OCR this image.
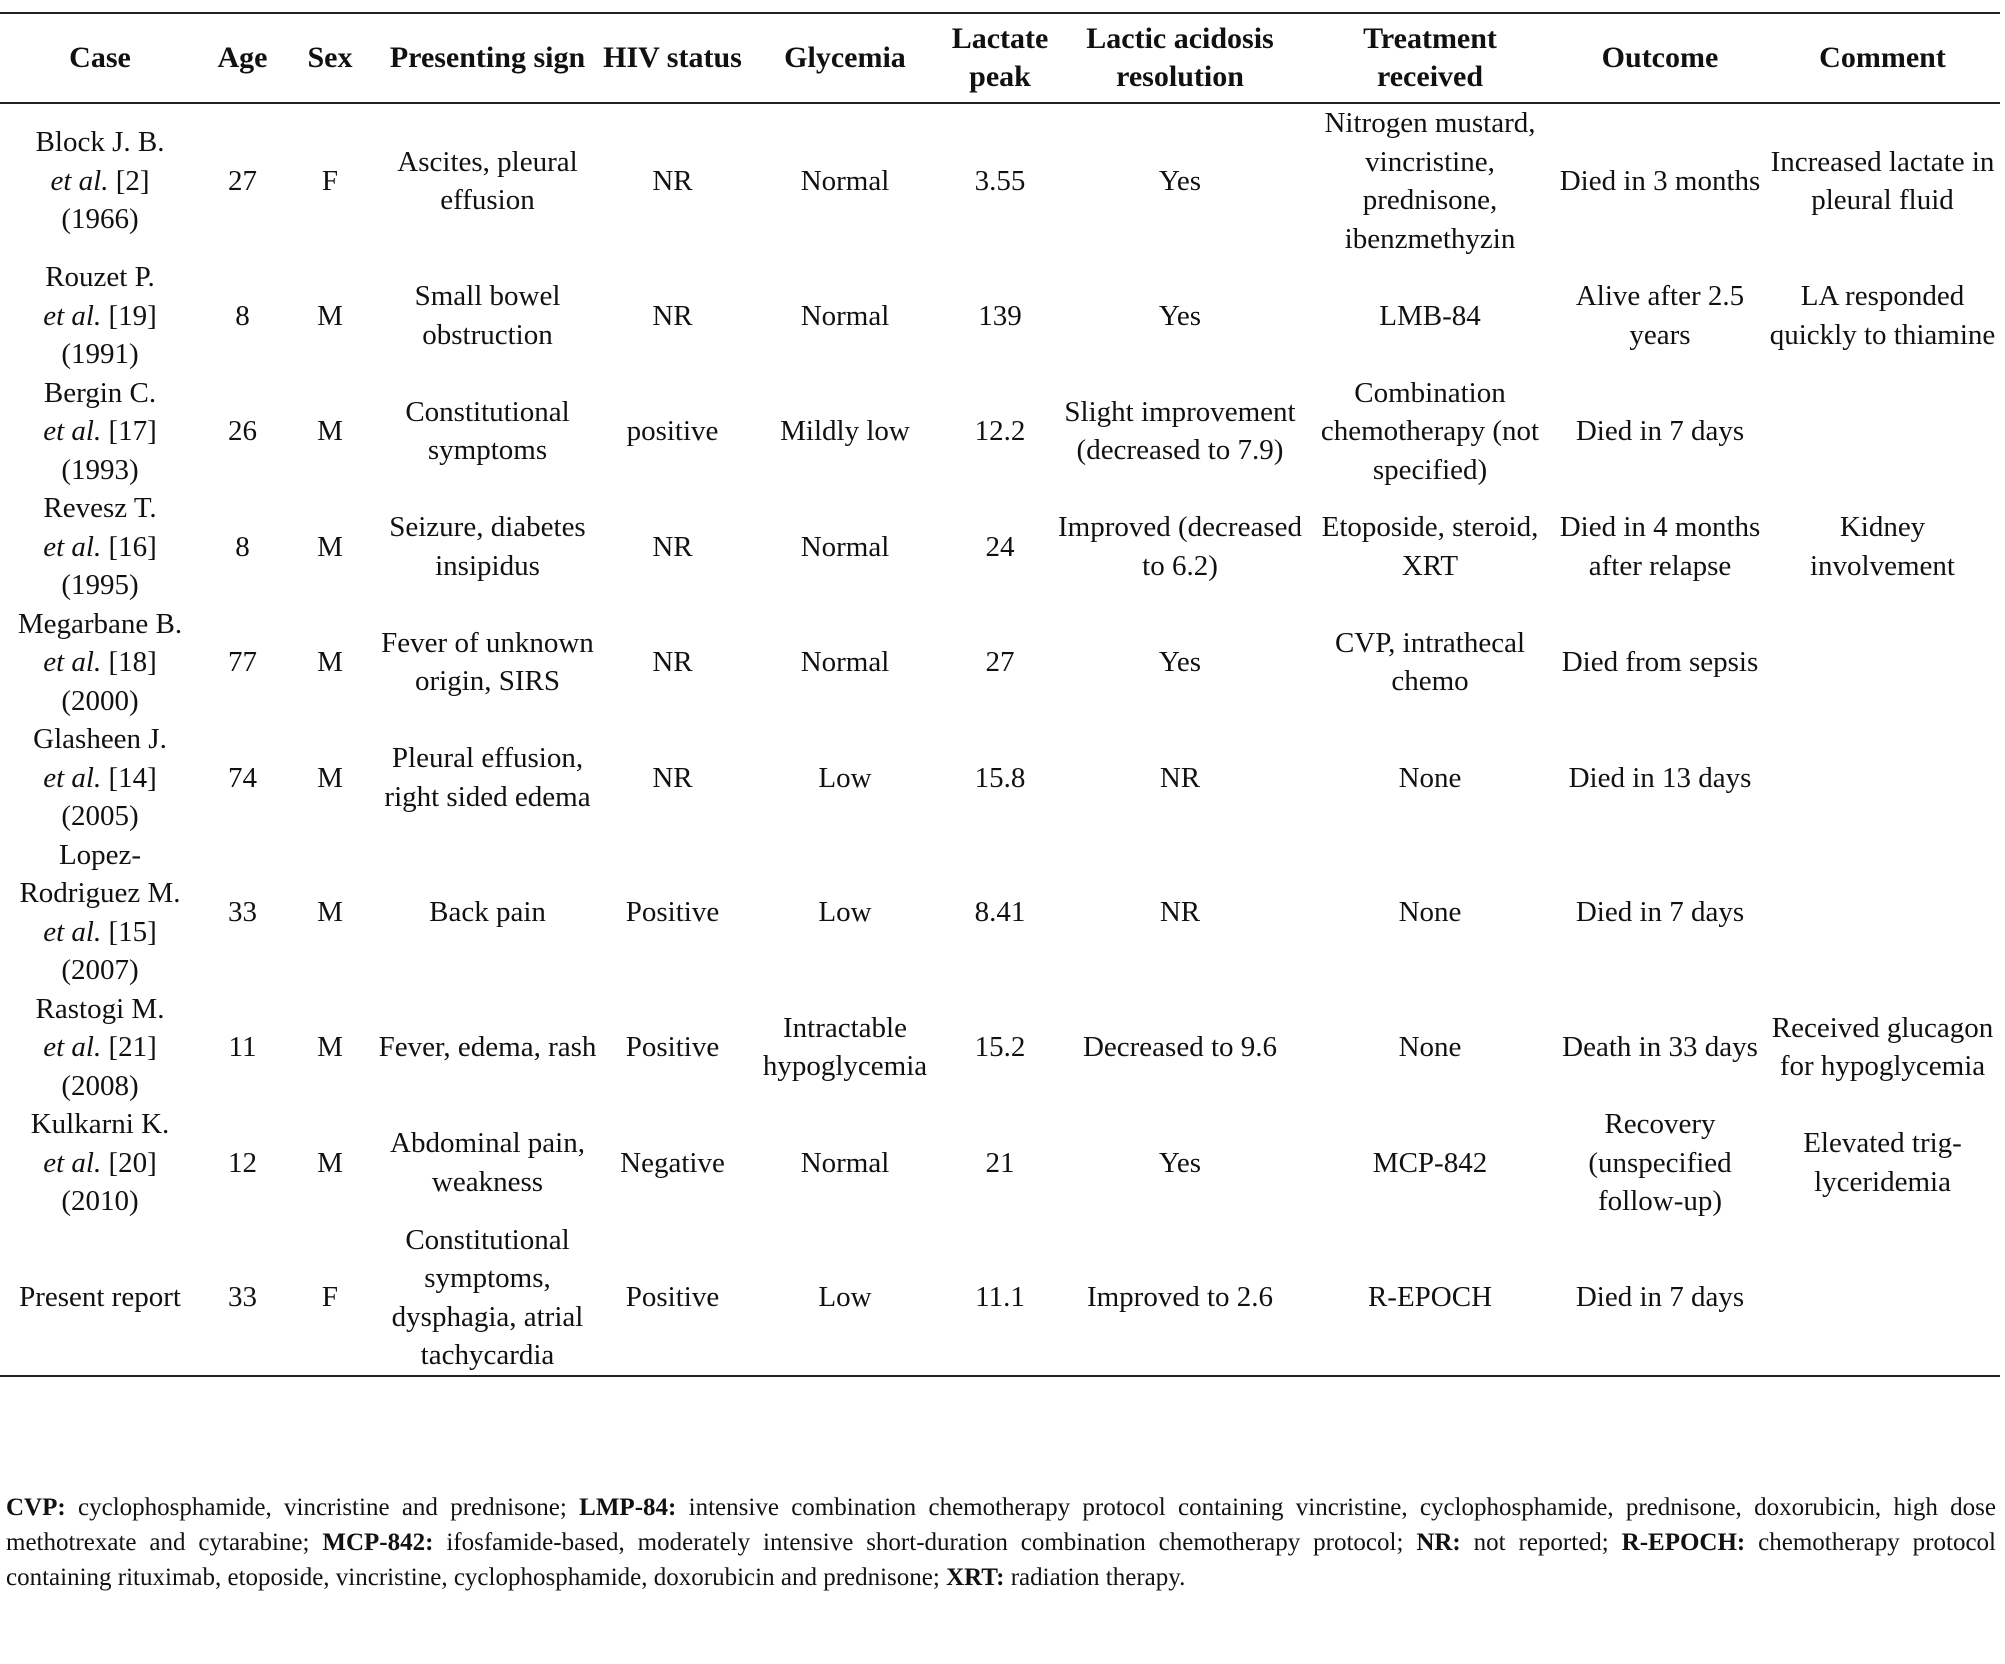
Case	Age	Sex	Presenting sign	HIV status	Glycemia	Lactate peak	Lactic acidosis resolution	Treatment received	Outcome	Comment

Block J. B.
et al. [2]
(1966)	27	F	Ascites, pleural effusion	NR	Normal	3.55	Yes	Nitrogen mustard, vincristine, prednisone, ibenzmethyzin	Died in 3 months	Increased lactate in pleural fluid

Rouzet P.
et al. [19]
(1991)	8	M	Small bowel obstruction	NR	Normal	139	Yes	LMB-84	Alive after 2.5 years	LA responded quickly to thiamine

Bergin C.
et al. [17]
(1993)	26	M	Constitutional symptoms	positive	Mildly low	12.2	Slight improvement (decreased to 7.9)	Combination chemotherapy (not specified)	Died in 7 days	

Revesz T.
et al. [16]
(1995)	8	M	Seizure, diabetes insipidus	NR	Normal	24	Improved (decreased to 6.2)	Etoposide, steroid, XRT	Died in 4 months after relapse	Kidney involvement

Megarbane B.
et al. [18]
(2000)	77	M	Fever of unknown origin, SIRS	NR	Normal	27	Yes	CVP, intrathecal chemo	Died from sepsis	

Glasheen J.
et al. [14]
(2005)	74	M	Pleural effusion, right sided edema	NR	Low	15.8	NR	None	Died in 13 days	

Lopez-Rodriguez M.
et al. [15]
(2007)	33	M	Back pain	Positive	Low	8.41	NR	None	Died in 7 days	

Rastogi M.
et al. [21]
(2008)	11	M	Fever, edema, rash	Positive	Intractable hypoglycemia	15.2	Decreased to 9.6	None	Death in 33 days	Received glucagon for hypoglycemia

Kulkarni K.
et al. [20]
(2010)	12	M	Abdominal pain, weakness	Negative	Normal	21	Yes	MCP-842	Recovery (unspecified follow-up)	Elevated trig-lyceridemia

Present report	33	F	Constitutional symptoms, dysphagia, atrial tachycardia	Positive	Low	11.1	Improved to 2.6	R-EPOCH	Died in 7 days	
CVP: cyclophosphamide, vincristine and prednisone; LMP-84: intensive combination chemotherapy protocol containing vincristine, cyclophosphamide, prednisone, doxorubicin, high dose methotrexate and cytarabine; MCP-842: ifosfamide-based, moderately intensive short-duration combination chemotherapy protocol; NR: not reported; R-EPOCH: chemotherapy protocol containing rituximab, etoposide, vincristine, cyclophosphamide, doxorubicin and prednisone; XRT: radiation therapy.
